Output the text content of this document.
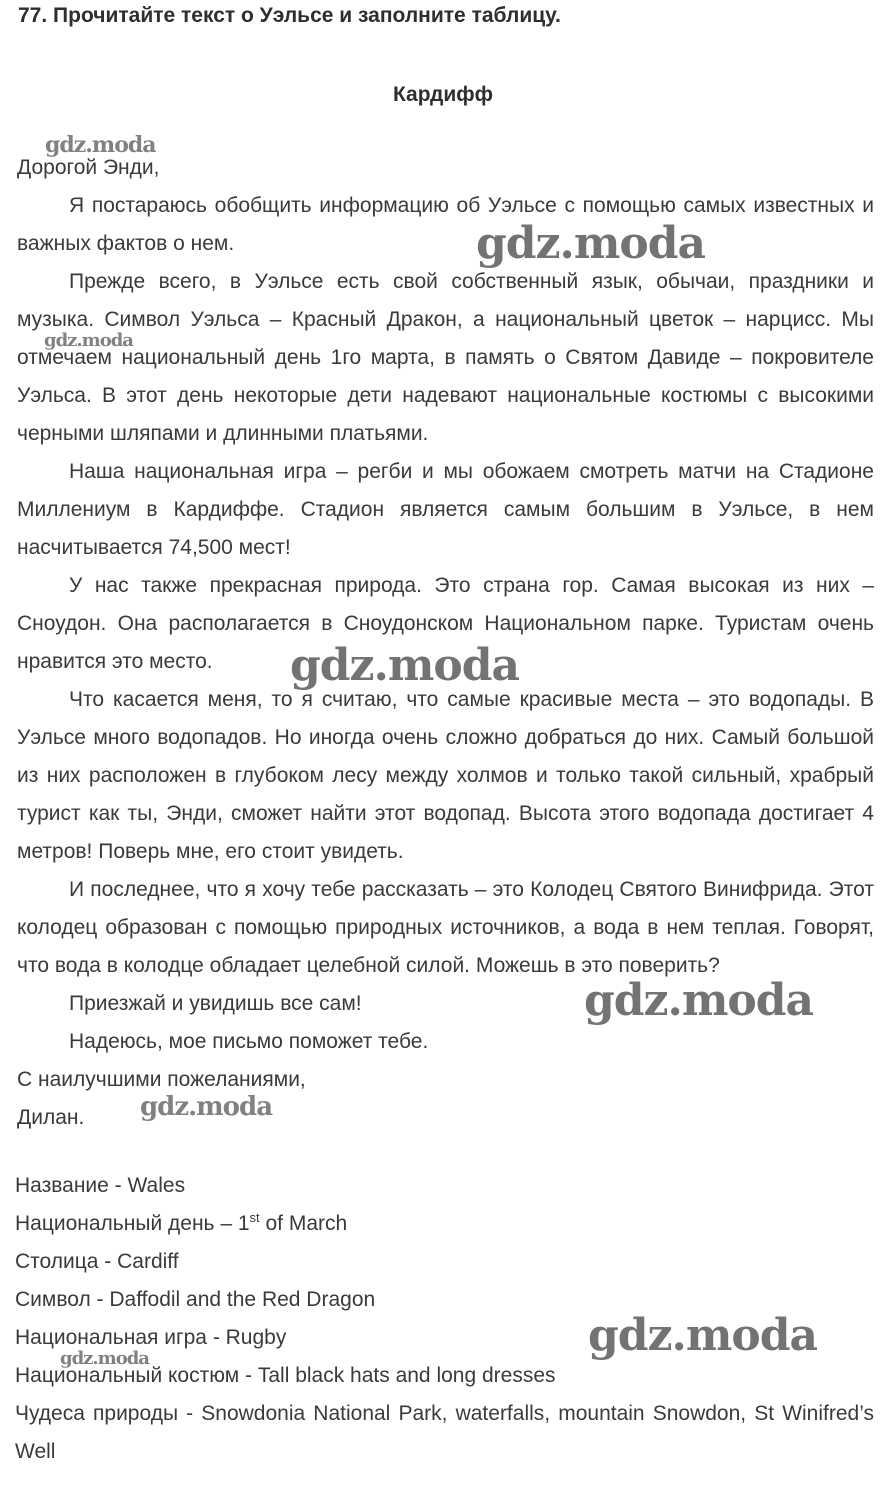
77. Прочитайте текст о Уэльсе и заполните таблицу.
Кардифф

Дорогой Энди,

Я постараюсь обобщить информацию об Уэльсе с помощью самых известных и важных фактов о нем.

Прежде всего, в Уэльсе есть свой собственный язык, обычаи, праздники и музыка. Символ Уэльса – Красный Дракон, а национальный цветок – нарцисс. Мы отмечаем национальный день 1го марта, в память о Святом Давиде – покровителе Уэльса. В этот день некоторые дети надевают национальные костюмы с высокими черными шляпами и длинными платьями.

Наша национальная игра – регби и мы обожаем смотреть матчи на Стадионе Миллениум в Кардиффе. Стадион является самым большим в Уэльсе, в нем насчитывается 74,500 мест!

У нас также прекрасная природа. Это страна гор. Самая высокая из них – Сноудон. Она располагается в Сноудонском Национальном парке. Туристам очень нравится это место.

Что касается меня, то я считаю, что самые красивые места – это водопады. В Уэльсе много водопадов. Но иногда очень сложно добраться до них. Самый большой из них расположен в глубоком лесу между холмов и только такой сильный, храбрый турист как ты, Энди, сможет найти этот водопад. Высота этого водопада достигает 4 метров! Поверь мне, его стоит увидеть.

И последнее, что я хочу тебе рассказать – это Колодец Святого Винифрида. Этот колодец образован с помощью природных источников, а вода в нем теплая. Говорят, что вода в колодце обладает целебной силой. Можешь в это поверить?

Приезжай и увидишь все сам!

Надеюсь, мое письмо поможет тебе.

С наилучшими пожеланиями,

Дилан.

Название - Wales
Национальный день – 1st of March
Столица - Cardiff
Символ - Daffodil and the Red Dragon
Национальная игра - Rugby
Национальный костюм - Tall black hats and long dresses
Чудеса природы - Snowdonia National Park, waterfalls, mountain Snowdon, St Winifred’s Well
gdz.moda
gdz.moda
gdz.moda
gdz.moda
gdz.moda
gdz.moda
gdz.moda
gdz.moda
